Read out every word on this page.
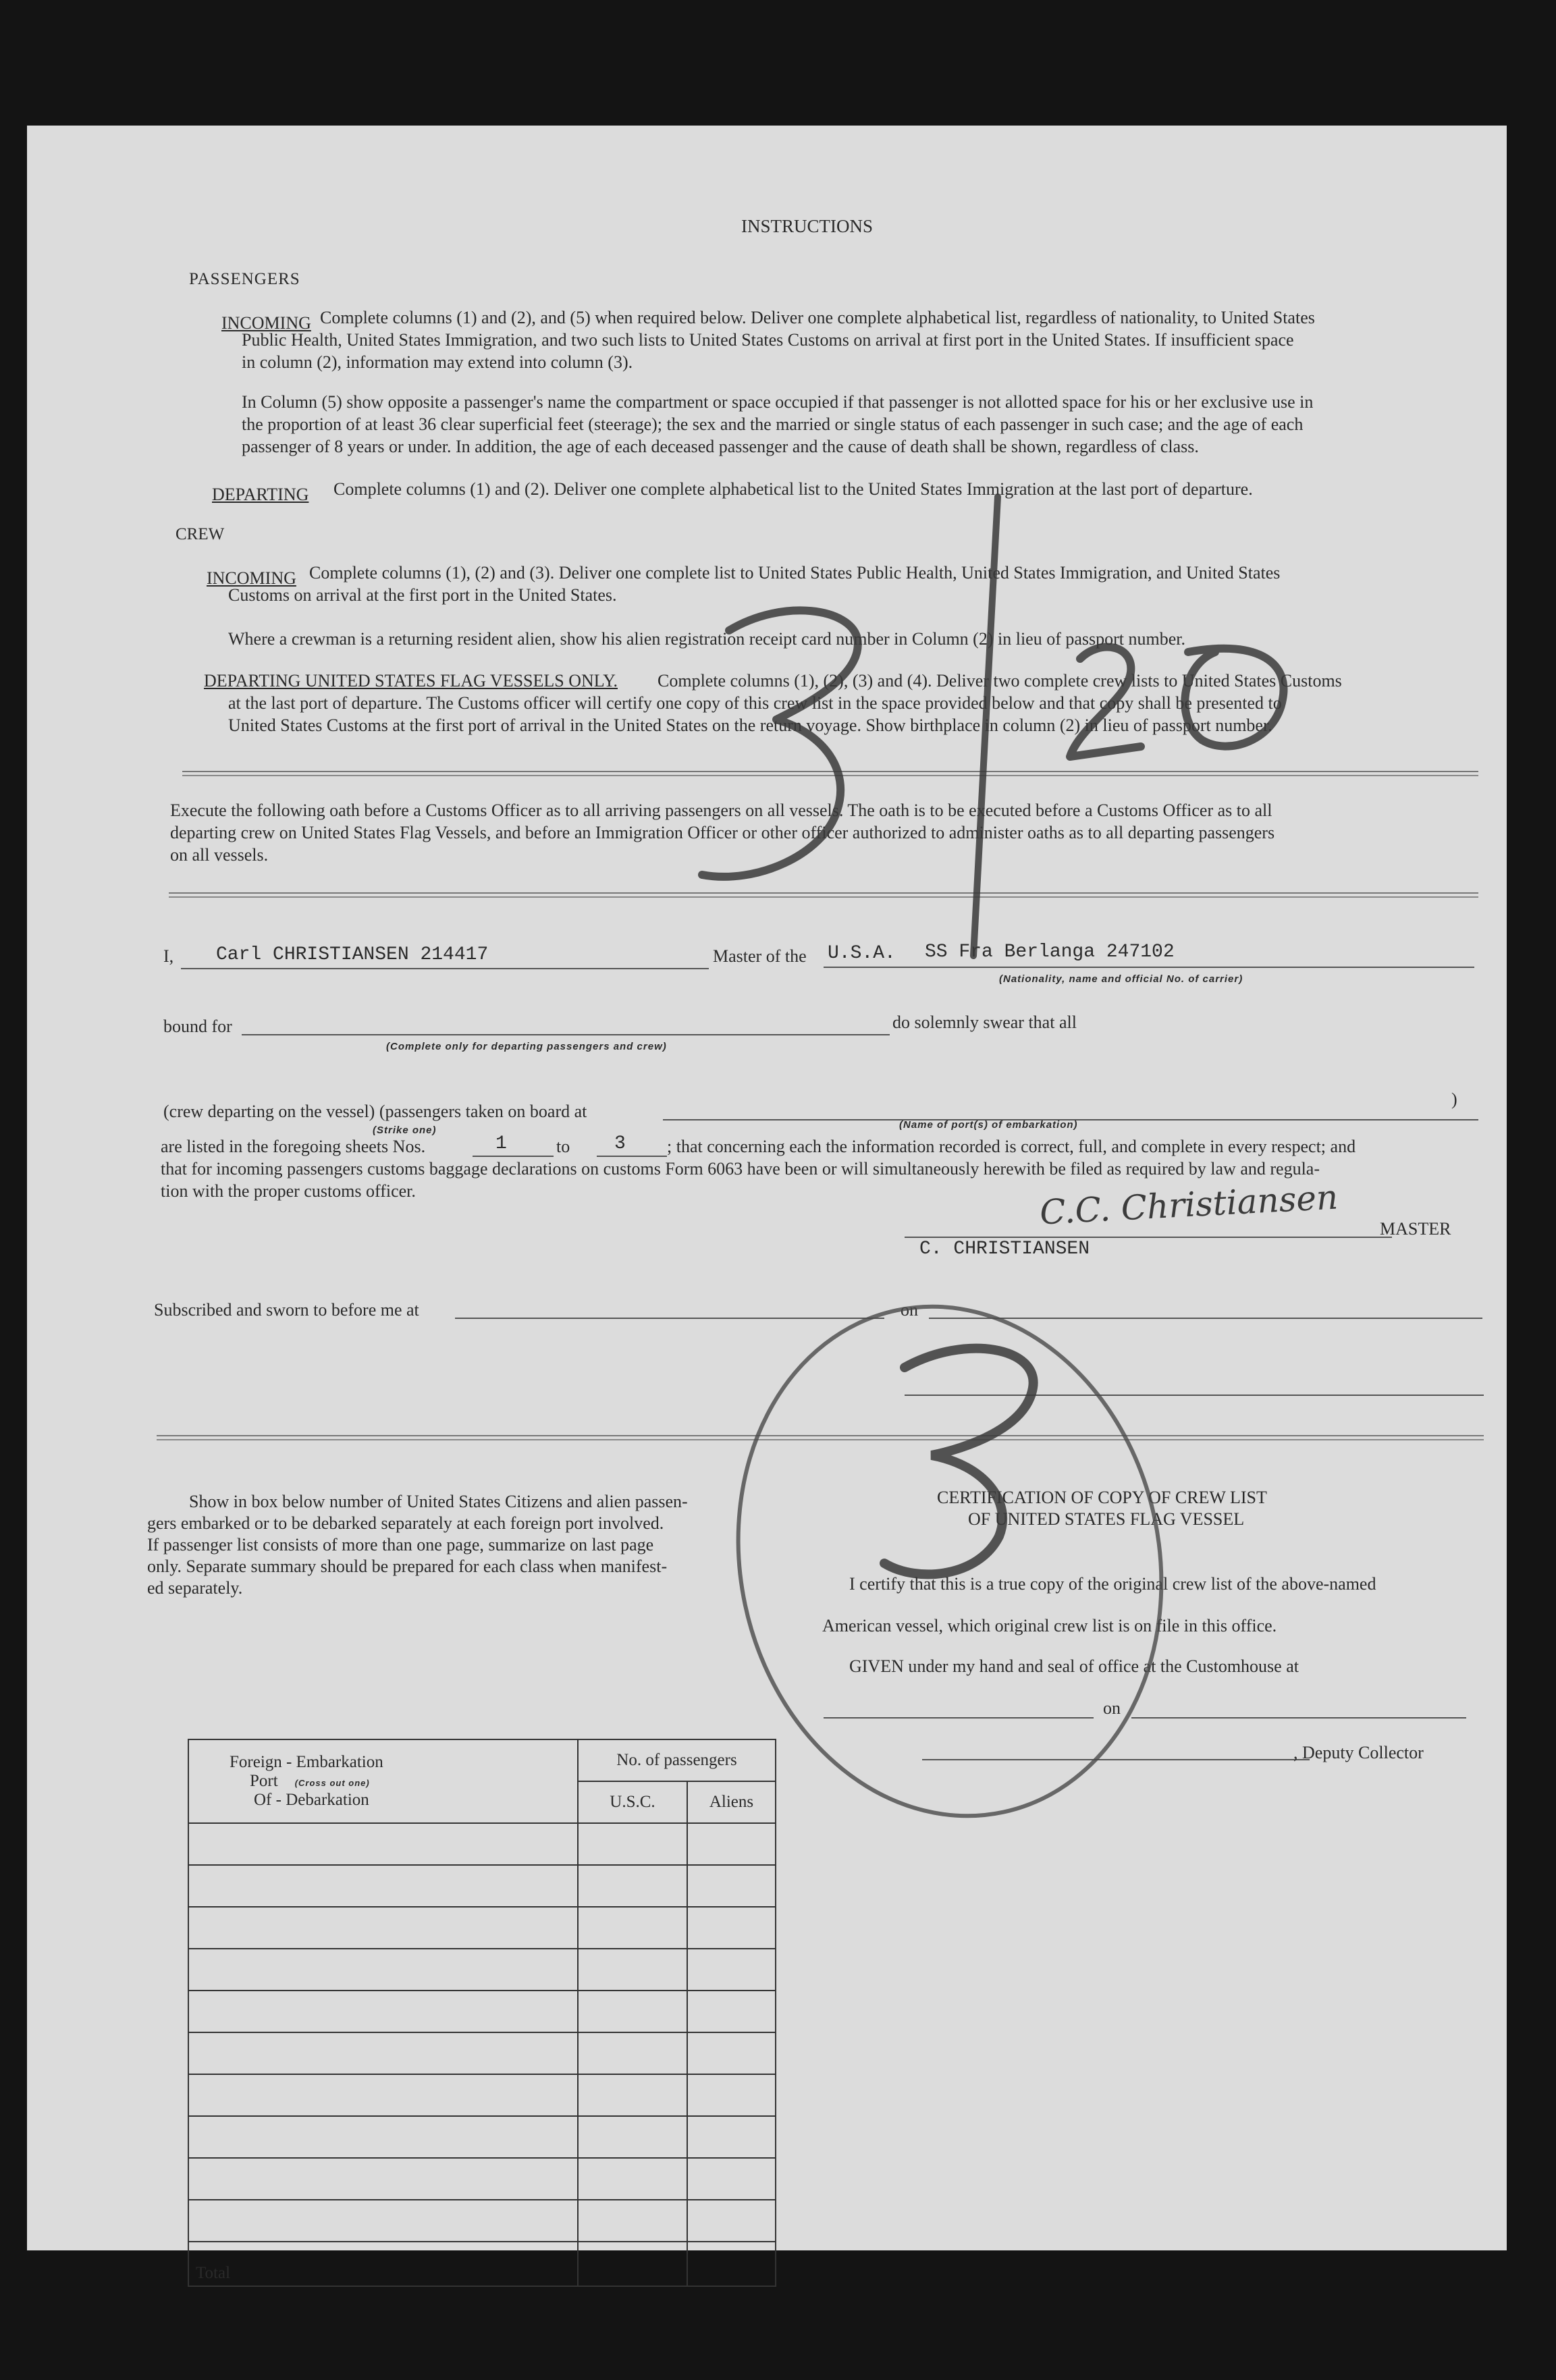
INSTRUCTIONS
PASSENGERS
INCOMING Complete columns (1) and (2), and (5) when required below. Deliver one complete alphabetical list, regardless of nationality, to United States
Public Health, United States Immigration, and two such lists to United States Customs on arrival at first port in the United States. If insufficient space
in column (2), information may extend into column (3).
In Column (5) show opposite a passenger's name the compartment or space occupied if that passenger is not allotted space for his or her exclusive use in
the proportion of at least 36 clear superficial feet (steerage); the sex and the married or single status of each passenger in such case; and the age of each
passenger of 8 years or under. In addition, the age of each deceased passenger and the cause of death shall be shown, regardless of class.
DEPARTING Complete columns (1) and (2). Deliver one complete alphabetical list to the United States Immigration at the last port of departure.
CREW
INCOMING Complete columns (1), (2) and (3). Deliver one complete list to United States Public Health, United States Immigration, and United States
Customs on arrival at the first port in the United States.
Where a crewman is a returning resident alien, show his alien registration receipt card number in Column (2) in lieu of passport number.
DEPARTING UNITED STATES FLAG VESSELS ONLY. Complete columns (1), (2), (3) and (4). Deliver two complete crew lists to United States Customs
at the last port of departure. The Customs officer will certify one copy of this crew list in the space provided below and that copy shall be presented to
United States Customs at the first port of arrival in the United States on the return voyage. Show birthplace in column (2) in lieu of passport number.
Execute the following oath before a Customs Officer as to all arriving passengers on all vessels. The oath is to be executed before a Customs Officer as to all
departing crew on United States Flag Vessels, and before an Immigration Officer or other officer authorized to administer oaths as to all departing passengers
on all vessels.
I, Carl CHRISTIANSEN 214417	Master of the U.S.A. SS Fra Berlanga 247102
(Nationality, name and official No. of carrier)
bound for	do solemnly swear that all
(Complete only for departing passengers and crew)
(crew departing on the vessel) (passengers taken on board at
)
(Strike one)	(Name of port(s) of embarkation)
are listed in the foregoing sheets Nos.	1	to 3 ; that concerning each the information recorded is correct, full, and complete in every respect; and
that for incoming passengers customs baggage declarations on customs Form 6063 have been or will simultaneously herewith be filed as required by law and regula-
tion with the proper customs officer.	C.C. Christiansen MASTER
C. CHRISTIANSEN
Subscribed and sworn to before me at	on
Show in box below number of United States Citizens and alien passen-
gers embarked or to be debarked separately at each foreign port involved.
If passenger list consists of more than one page, summarize on last page
only. Separate summary should be prepared for each class when manifest-
ed separately.
Foreign - Embarkation
Port (Cross out one)
Of - Debarkation	No. of passengers	
	U.S.C.	Aliens

Total		
CERTIFICATION OF COPY OF CREW LIST
OF UNITED STATES FLAG VESSEL
I certify that this is a true copy of the original crew list of the above-named
American vessel, which original crew list is on file in this office.
GIVEN under my hand and seal of office at the Customhouse at
on
, Deputy Collector
